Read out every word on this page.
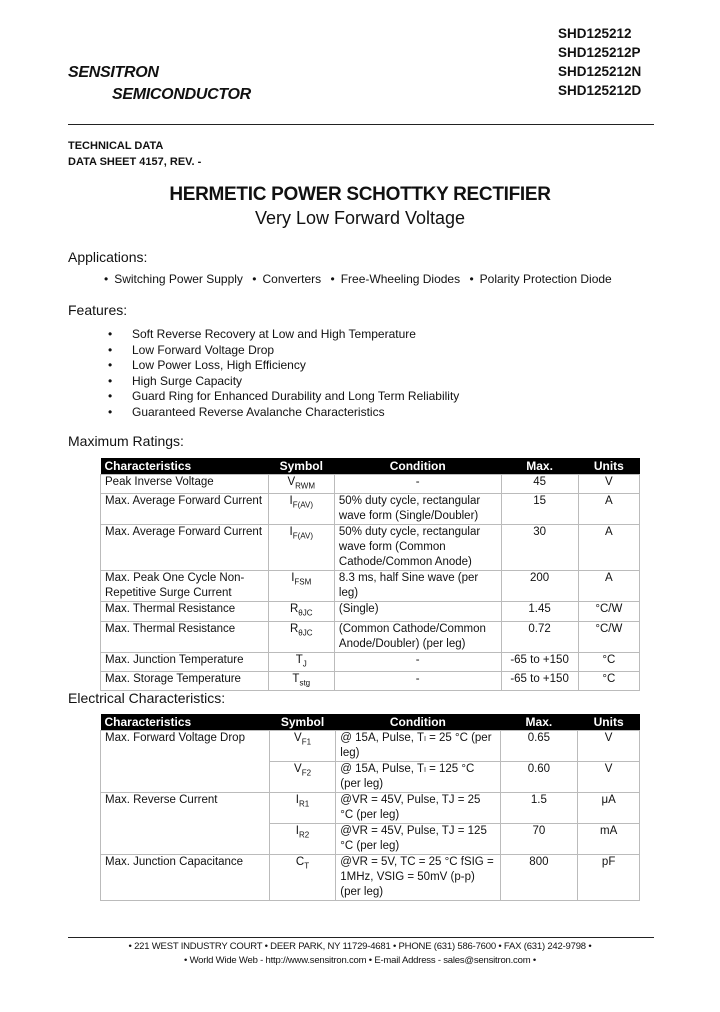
SENSITRON
SEMICONDUCTOR
SHD125212
SHD125212P
SHD125212N
SHD125212D
TECHNICAL DATA
DATA SHEET 4157, REV. -
HERMETIC POWER SCHOTTKY RECTIFIER
Very Low Forward Voltage
Applications:
• Switching Power Supply • Converters • Free-Wheeling Diodes • Polarity Protection Diode
Features:
• Soft Reverse Recovery at Low and High Temperature
• Low Forward Voltage Drop
• Low Power Loss, High Efficiency
• High Surge Capacity
• Guard Ring for Enhanced Durability and Long Term Reliability
• Guaranteed Reverse Avalanche Characteristics
Maximum Ratings:
Characteristics	Symbol	Condition	Max.	Units
Peak Inverse Voltage	$V_{RWM}$	-	45	V
Max. Average Forward Current	$I_{F(AV)}$	50% duty cycle, rectangular wave form (Single/Doubler)	15	A
Max. Average Forward Current	$I_{F(AV)}$	50% duty cycle, rectangular wave form (Common Cathode/Common Anode)	30	A
Max. Peak One Cycle Non-Repetitive Surge Current	$I_{FSM}$	8.3 ms, half Sine wave (per leg)	200	A
Max. Thermal Resistance	$R_{\theta JC}$	(Single)	1.45	°C/W
Max. Thermal Resistance	$R_{\theta JC}$	(Common Cathode/Common Anode/Doubler) (per leg)	0.72	°C/W
Max. Junction Temperature	$T_J$	-	-65 to +150	°C
Max. Storage Temperature	$T_{stg}$	-	-65 to +150	°C
Electrical Characteristics:
Characteristics	Symbol	Condition	Max.	Units
Max. Forward Voltage Drop	$V_{F1}$	@ 15A, Pulse, Tₗ = 25 °C (per leg)	0.65	V
	$V_{F2}$	@ 15A, Pulse, Tₗ = 125 °C (per leg)	0.60	V
Max. Reverse Current	$I_{R1}$	@VR = 45V, Pulse, TJ = 25 °C (per leg)	1.5	μA
	$I_{R2}$	@VR = 45V, Pulse, TJ = 125 °C (per leg)	70	mA
Max. Junction Capacitance	$C_T$	@VR = 5V, TC = 25 °C fSIG = 1MHz, VSIG = 50mV (p-p) (per leg)	800	pF
• 221 WEST INDUSTRY COURT • DEER PARK, NY 11729-4681 • PHONE (631) 586-7600 • FAX (631) 242-9798 •
• World Wide Web - http://www.sensitron.com • E-mail Address - sales@sensitron.com •
